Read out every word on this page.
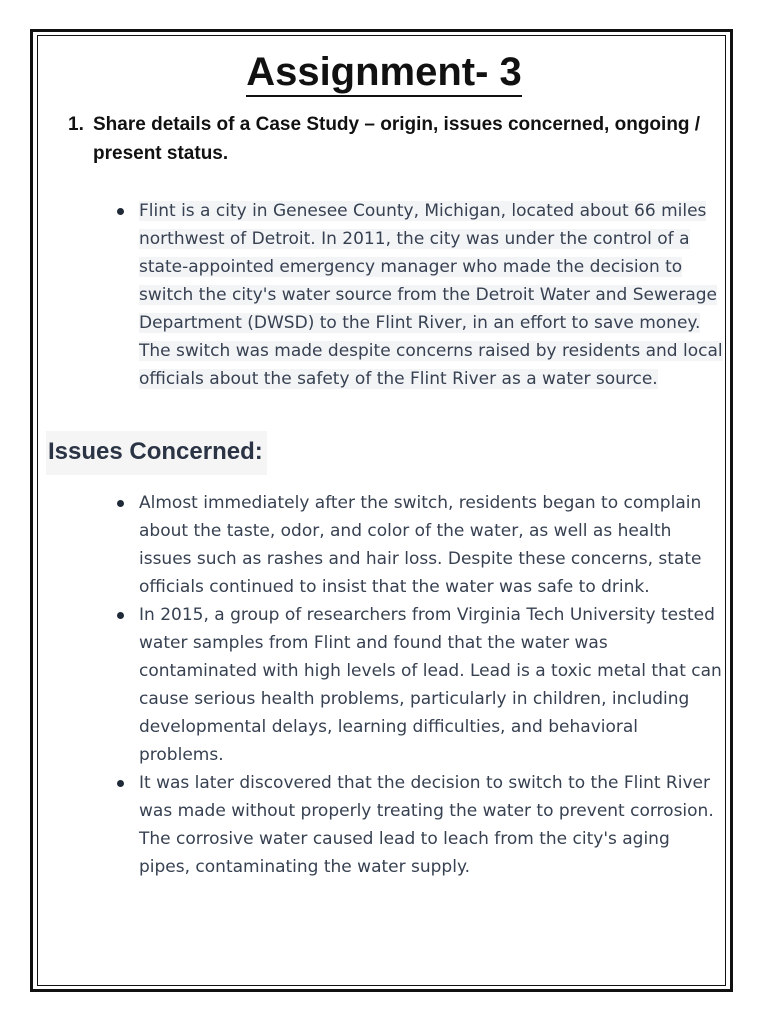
Assignment- 3
1. Share details of a Case Study – origin, issues concerned, ongoing / present status.
Flint is a city in Genesee County, Michigan, located about 66 miles northwest of Detroit. In 2011, the city was under the control of a state-appointed emergency manager who made the decision to switch the city's water source from the Detroit Water and Sewerage Department (DWSD) to the Flint River, in an effort to save money. The switch was made despite concerns raised by residents and local officials about the safety of the Flint River as a water source.
Issues Concerned:
Almost immediately after the switch, residents began to complain about the taste, odor, and color of the water, as well as health issues such as rashes and hair loss. Despite these concerns, state officials continued to insist that the water was safe to drink.
In 2015, a group of researchers from Virginia Tech University tested water samples from Flint and found that the water was contaminated with high levels of lead. Lead is a toxic metal that can cause serious health problems, particularly in children, including developmental delays, learning difficulties, and behavioral problems.
It was later discovered that the decision to switch to the Flint River was made without properly treating the water to prevent corrosion. The corrosive water caused lead to leach from the city's aging pipes, contaminating the water supply.
